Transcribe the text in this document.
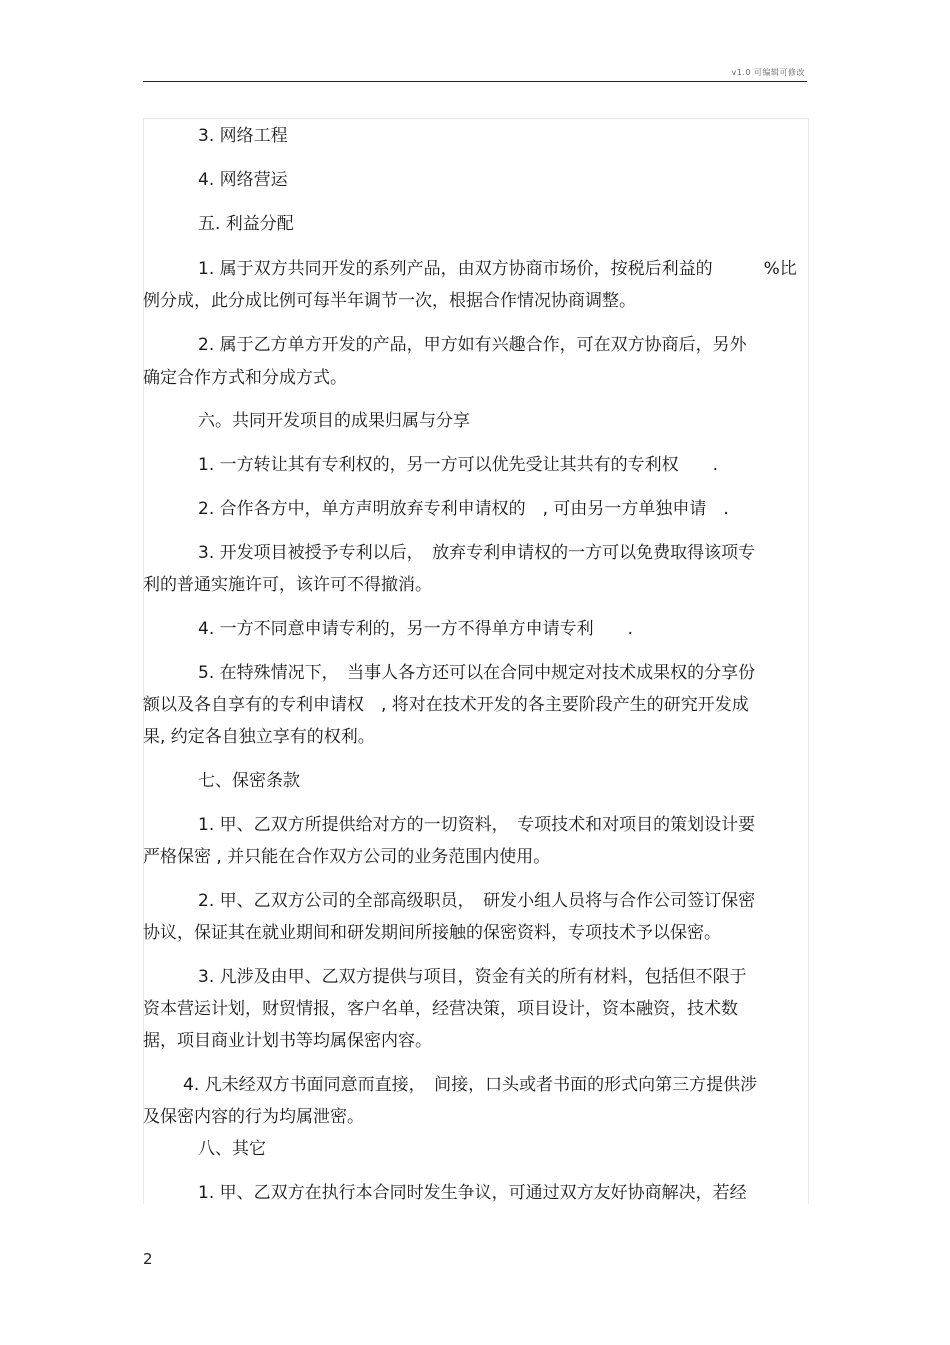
v1.0 可编辑可修改
3. 网络工程
4. 网络营运
五. 利益分配
1. 属于双方共同开发的系列产品，由双方协商市场价，按税后利益的　　　%比
例分成，此分成比例可每半年调节一次，根据合作情况协商调整。
2. 属于乙方单方开发的产品，甲方如有兴趣合作，可在双方协商后，另外
确定合作方式和分成方式。
六。共同开发项目的成果归属与分享
1. 一方转让其有专利权的，另一方可以优先受让其共有的专利权　　.
2. 合作各方中，单方声明放弃专利申请权的　, 可由另一方单独申请　.
3. 开发项目被授予专利以后，　放弃专利申请权的一方可以免费取得该项专
利的普通实施许可，该许可不得撤消。
4. 一方不同意申请专利的，另一方不得单方申请专利　　.
5. 在特殊情况下，　当事人各方还可以在合同中规定对技术成果权的分享份
额以及各自享有的专利申请权　, 将对在技术开发的各主要阶段产生的研究开发成
果, 约定各自独立享有的权利。
七、保密条款
1. 甲、乙双方所提供给对方的一切资料，　专项技术和对项目的策划设计要
严格保密 , 并只能在合作双方公司的业务范围内使用。
2. 甲、乙双方公司的全部高级职员，　研发小组人员将与合作公司签订保密
协议，保证其在就业期间和研发期间所接触的保密资料，专项技术予以保密。
3. 凡涉及由甲、乙双方提供与项目，资金有关的所有材料，包括但不限于
资本营运计划，财贸情报，客户名单，经营决策，项目设计，资本融资，技术数
据，项目商业计划书等均属保密内容。
4. 凡未经双方书面同意而直接，　间接，口头或者书面的形式向第三方提供涉
及保密内容的行为均属泄密。
八、其它
1. 甲、乙双方在执行本合同时发生争议，可通过双方友好协商解决，若经
2
